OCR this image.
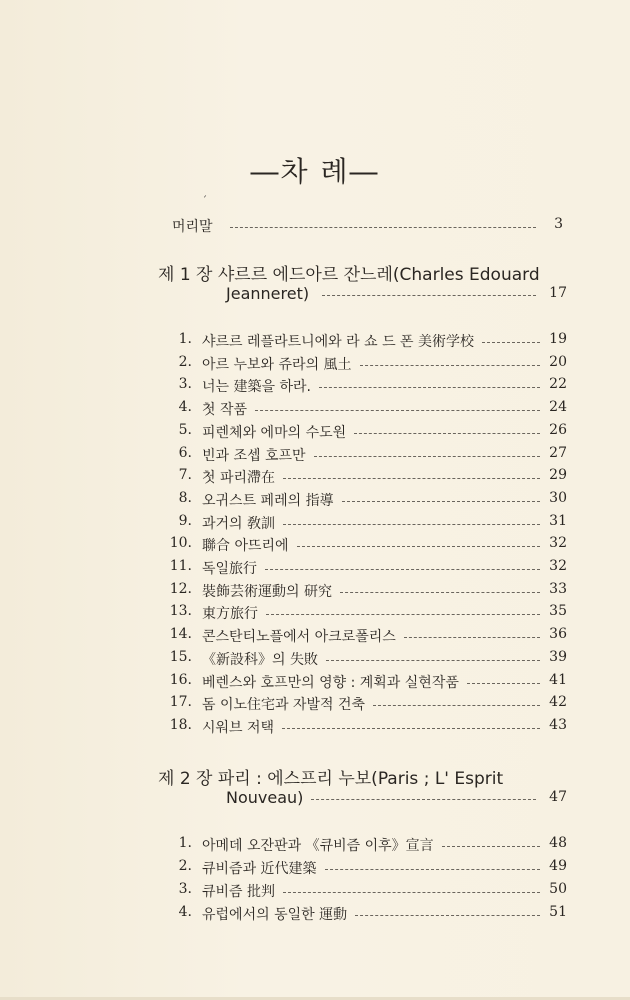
―차 례―
´
머리말	3
제 1 장 샤르르 에드아르 잔느레(Charles Edouard
Jeanneret)	17
1. 샤르르 레플라트니에와 라 쇼 드 폰 美術学校	19
2. 아르 누보와 쥬라의 風土	20
3. 너는 建築을 하라.	22
4. 첫 작품	24
5. 피렌체와 에마의 수도원	26
6. 빈과 조셉 호프만	27
7. 첫 파리滯在	29
8. 오귀스트 페레의 指導	30
9. 과거의 敎訓	31
10. 聯合 아뜨리에	32
11. 독일旅行	32
12. 裝飾芸術運動의 研究	33
13. 東方旅行	35
14. 콘스탄티노플에서 아크로폴리스	36
15. 《新設科》의 失敗	39
16. 베렌스와 호프만의 영향 : 계획과 실현작품	41
17. 돔 이노住宅과 자발적 건축	42
18. 시워브 저택	43
제 2 장 파리 : 에스프리 누보(Paris ; L' Esprit
Nouveau)	47
1. 아메데 오잔판과 《큐비즘 이후》宣言	48
2. 큐비즘과 近代建築	49
3. 큐비즘 批判	50
4. 유럽에서의 동일한 運動	51
